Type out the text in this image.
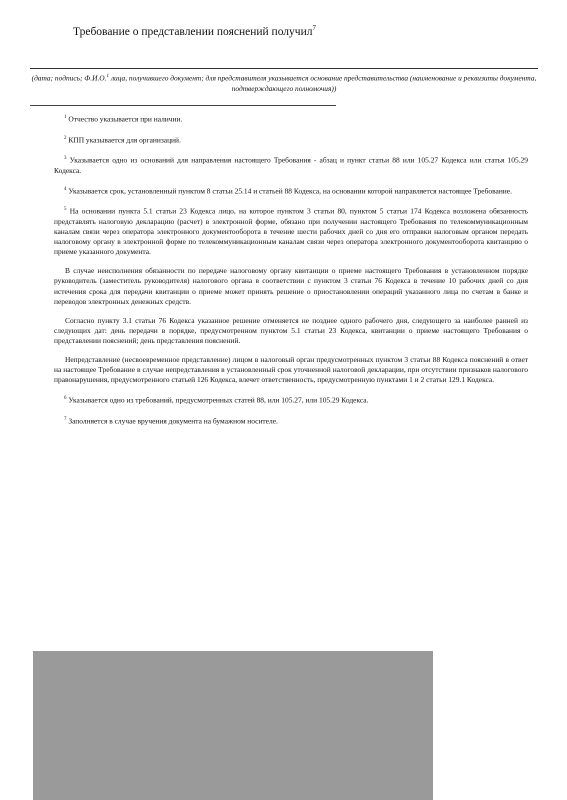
Требование о представлении пояснений получил$^7$
(дата; подпись; Ф.И.О.$^1$ лица, получившего документ; для представителя указывается основание представительства (наименование и реквизиты документа, подтверждающего полномочия))

$^1$ Отчество указывается при наличии.

$^2$ КПП указывается для организаций.

$^3$ Указывается одно из оснований для направления настоящего Требования - абзац и пункт статьи 88 или 105.27 Кодекса или статья 105.29 Кодекса.

$^4$ Указывается срок, установленный пунктом 8 статьи 25.14 и статьей 88 Кодекса, на основании которой направляется настоящее Требование.

$^5$ На основании пункта 5.1 статьи 23 Кодекса лицо, на которое пунктом 3 статьи 80, пунктом 5 статьи 174 Кодекса возложена обязанность представлять налоговую декларацию (расчет) в электронной форме, обязано при получении настоящего Требования по телекоммуникационным каналам связи через оператора электронного документооборота в течение шести рабочих дней со дня его отправки налоговым органом передать налоговому органу в электронной форме по телекоммуникационным каналам связи через оператора электронного документооборота квитанцию о приеме указанного документа.

В случае неисполнения обязанности по передаче налоговому органу квитанции о приеме настоящего Требования в установленном порядке руководитель (заместитель руководителя) налогового органа в соответствии с пунктом 3 статьи 76 Кодекса в течение 10 рабочих дней со дня истечения срока для передачи квитанции о приеме может принять решение о приостановлении операций указанного лица по счетам в банке и переводов электронных денежных средств.

Согласно пункту 3.1 статьи 76 Кодекса указанное решение отменяется не позднее одного рабочего дня, следующего за наиболее ранней из следующих дат: день передачи в порядке, предусмотренном пунктом 5.1 статьи 23 Кодекса, квитанции о приеме настоящего Требования о представлении пояснений; день представления пояснений.

Непредставление (несвоевременное представление) лицом в налоговый орган предусмотренных пунктом 3 статьи 88 Кодекса пояснений в ответ на настоящее Требование в случае непредставления в установленный срок уточненной налоговой декларации, при отсутствии признаков налогового правонарушения, предусмотренного статьей 126 Кодекса, влечет ответственность, предусмотренную пунктами 1 и 2 статьи 129.1 Кодекса.

$^6$ Указывается одно из требований, предусмотренных статей 88, или 105.27, или 105.29 Кодекса.

$^7$ Заполняется в случае вручения документа на бумажном носителе.
